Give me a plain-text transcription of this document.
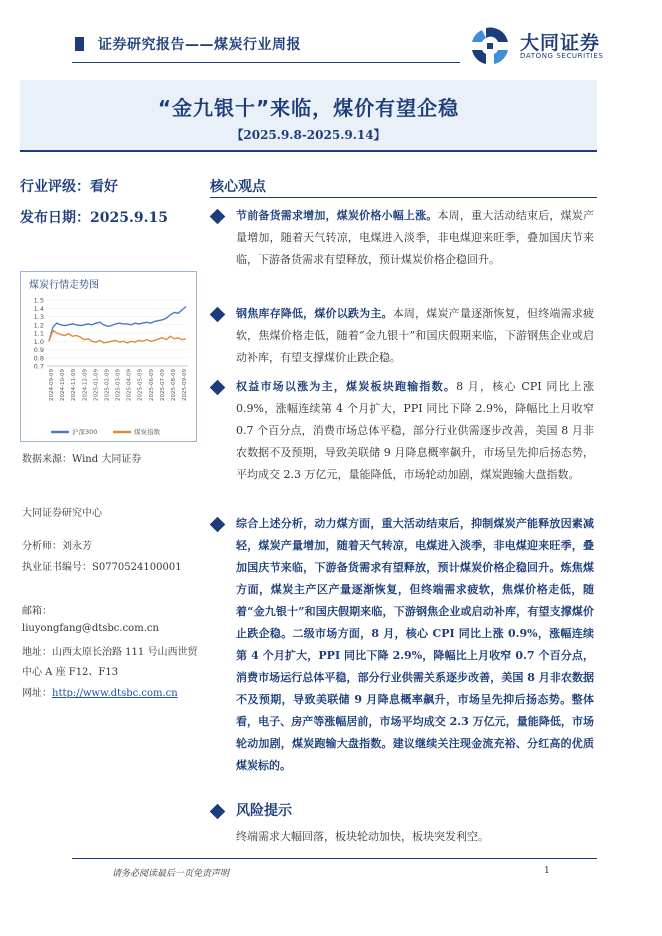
证券研究报告——煤炭行业周报	大同证券
DATONG SECURITIES
“金九银十”来临，煤价有望企稳
【2025.9.8-2025.9.14】
行业评级：看好
发布日期：2025.9.15
煤炭行情走势图
0.7
0.8
0.9
1.0
1.1
1.2
1.3
1.4
1.5
2024-09-09 2024-10-09 2024-11-09 2024-12-09 2025-01-09 2025-02-09 2025-03-09 2025-04-09 2025-05-09 2025-06-09 2025-07-09 2025-08-09 2025-09-09
沪深300	煤炭指数
数据来源：Wind 大同证券
大同证券研究中心
分析师：刘永芳
执业证书编号：S0770524100001
邮箱：
liuyongfang@dtsbc.com.cn
地址：山西太原长治路 111 号山西世贸中心 A 座 F12、F13
网址：http://www.dtsbc.com.cn
核心观点
节前备货需求增加，煤炭价格小幅上涨。本周，重大活动结束后，煤炭产量增加，随着天气转凉，电煤进入淡季，非电煤迎来旺季，叠加国庆节来临，下游备货需求有望释放，预计煤炭价格企稳回升。
钢焦库存降低，煤价以跌为主。本周，煤炭产量逐渐恢复，但终端需求疲软，焦煤价格走低，随着“金九银十”和国庆假期来临，下游钢焦企业或启动补库，有望支撑煤价止跌企稳。
权益市场以涨为主，煤炭板块跑输指数。8 月，核心 CPI 同比上涨 0.9%，涨幅连续第 4 个月扩大，PPI 同比下降 2.9%，降幅比上月收窄 0.7 个百分点，消费市场总体平稳，部分行业供需逐步改善，美国 8 月非农数据不及预期，导致美联储 9 月降息概率飙升，市场呈先抑后扬态势，平均成交 2.3 万亿元，量能降低，市场轮动加剧，煤炭跑输大盘指数。
综合上述分析，动力煤方面，重大活动结束后，抑制煤炭产能释放因素减轻，煤炭产量增加，随着天气转凉，电煤进入淡季，非电煤迎来旺季，叠加国庆节来临，下游备货需求有望释放，预计煤炭价格企稳回升。炼焦煤方面，煤炭主产区产量逐渐恢复，但终端需求疲软，焦煤价格走低，随着“金九银十”和国庆假期来临，下游钢焦企业或启动补库，有望支撑煤价止跌企稳。二级市场方面，8 月，核心 CPI 同比上涨 0.9%，涨幅连续第 4 个月扩大，PPI 同比下降 2.9%，降幅比上月收窄 0.7 个百分点，消费市场运行总体平稳，部分行业供需关系逐步改善，美国 8 月非农数据不及预期，导致美联储 9 月降息概率飙升，市场呈先抑后扬态势。整体看，电子、房产等涨幅居前，市场平均成交 2.3 万亿元，量能降低，市场轮动加剧，煤炭跑输大盘指数。建议继续关注现金流充裕、分红高的优质煤炭标的。
风险提示
终端需求大幅回落，板块轮动加快，板块突发利空。
请务必阅读最后一页免责声明	1
